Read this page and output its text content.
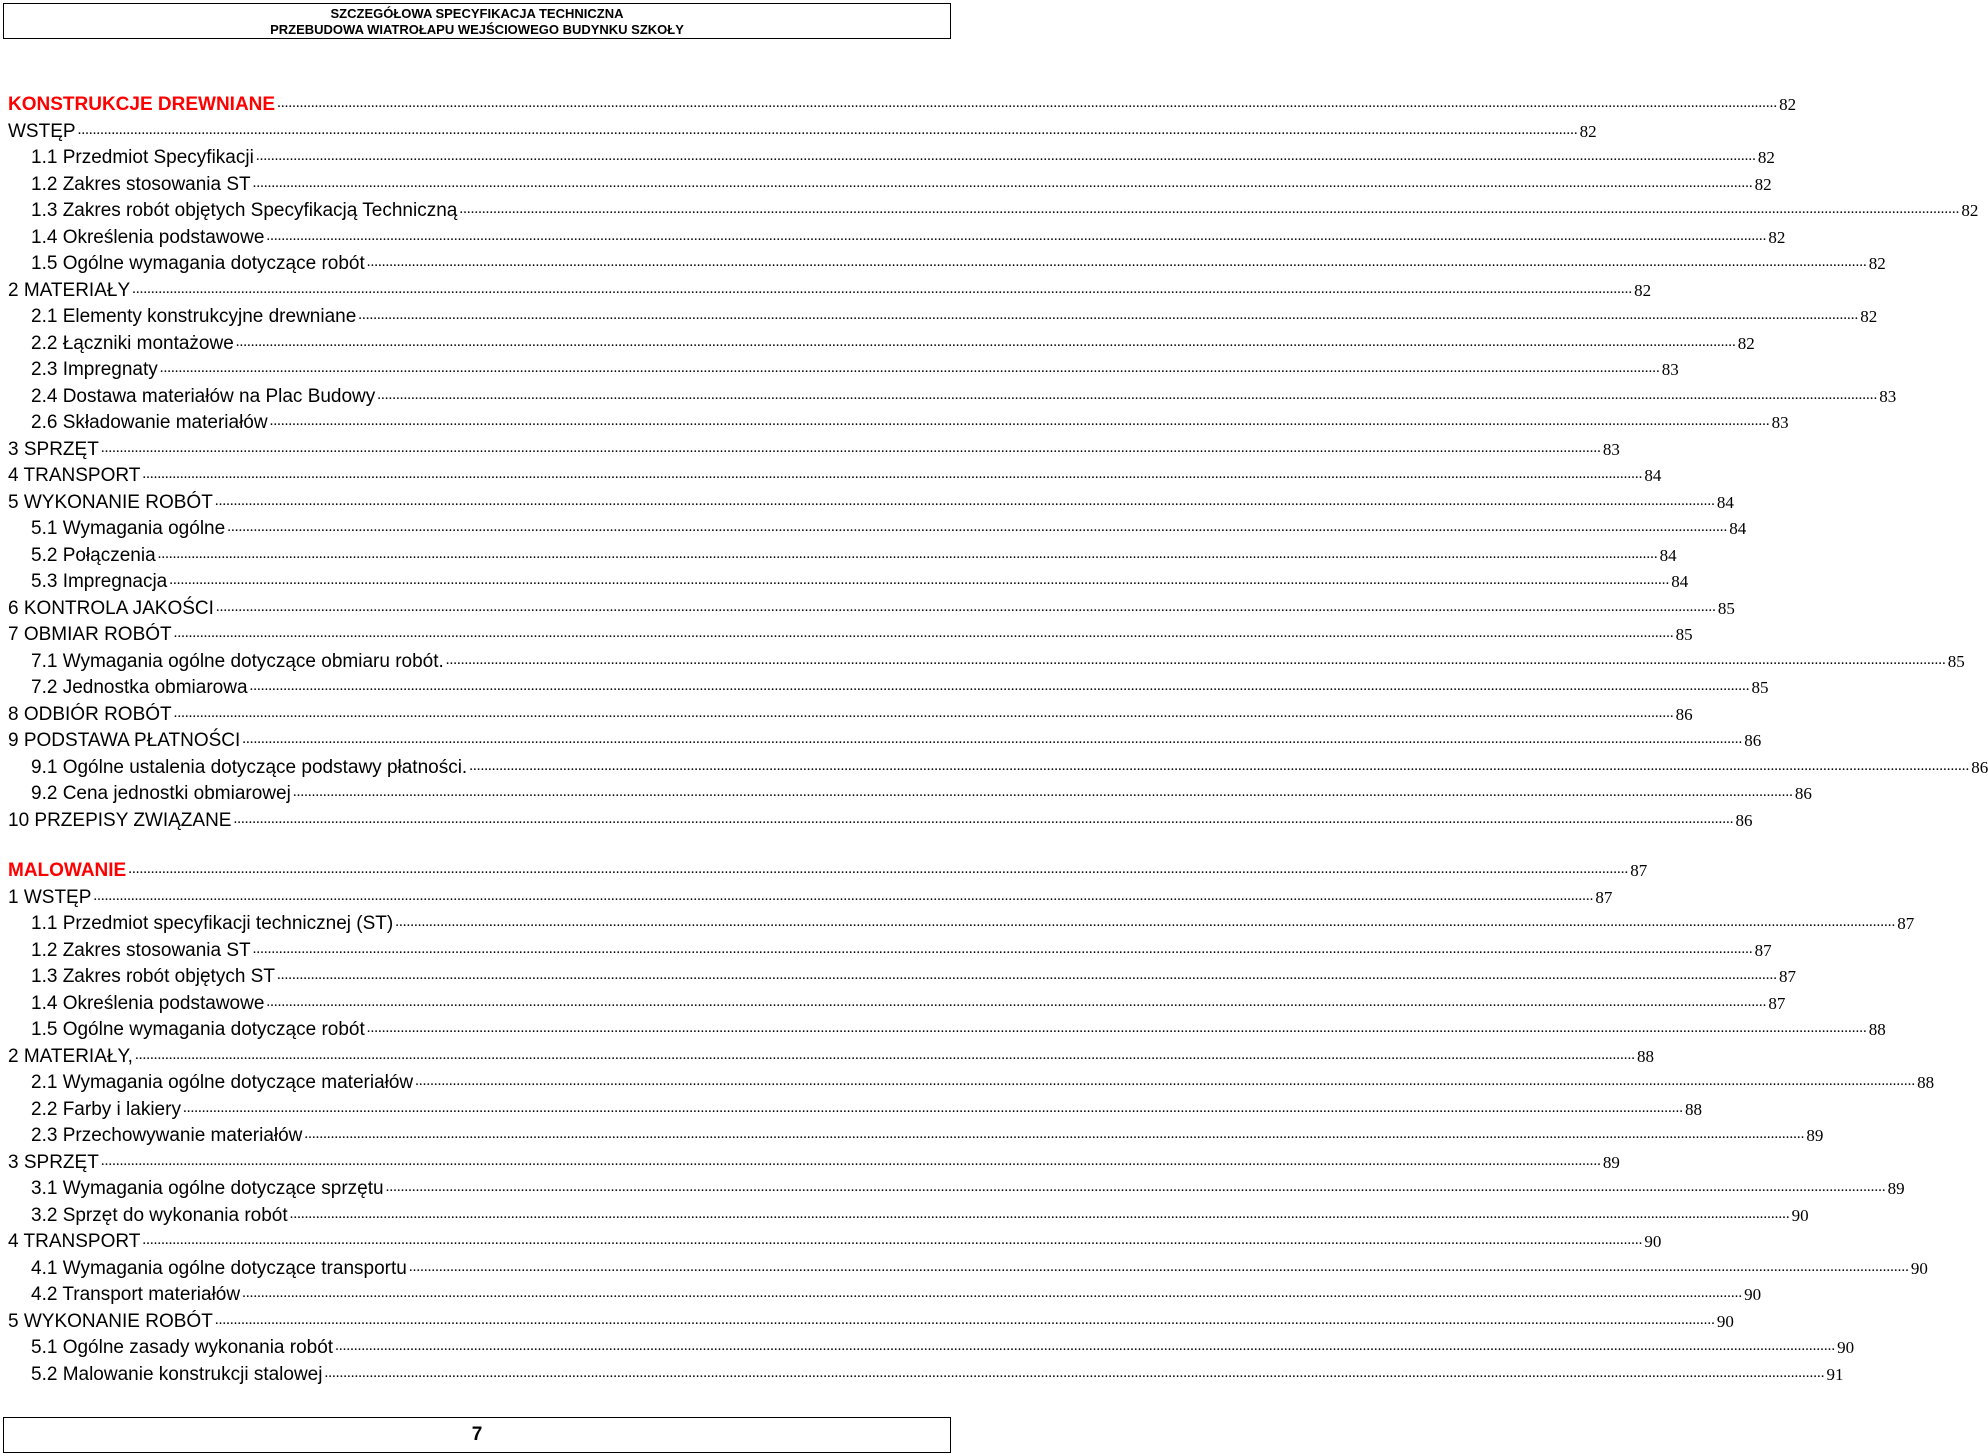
SZCZEGÓŁOWA SPECYFIKACJA TECHNICZNA
PRZEBUDOWA WIATROŁAPU WEJŚCIOWEGO BUDYNKU SZKOŁY
KONSTRUKCJE DREWNIANE ................................................................................................................................................................................................................................................................................................................................................................................................................ 82
WSTĘP ................................................................................................................................................................................................................................................................................................................................................................................................................ 82
1.1 Przedmiot Specyfikacji ................................................................................................................................................................................................................................................................................................................................................................................................................ 82
1.2 Zakres stosowania ST ................................................................................................................................................................................................................................................................................................................................................................................................................ 82
1.3 Zakres robót objętych Specyfikacją Techniczną ................................................................................................................................................................................................................................................................................................................................................................................................................ 82
1.4 Określenia podstawowe ................................................................................................................................................................................................................................................................................................................................................................................................................ 82
1.5 Ogólne wymagania dotyczące robót ................................................................................................................................................................................................................................................................................................................................................................................................................ 82
2 MATERIAŁY ................................................................................................................................................................................................................................................................................................................................................................................................................ 82
2.1 Elementy konstrukcyjne drewniane ................................................................................................................................................................................................................................................................................................................................................................................................................ 82
2.2 Łączniki montażowe ................................................................................................................................................................................................................................................................................................................................................................................................................ 82
2.3 Impregnaty ................................................................................................................................................................................................................................................................................................................................................................................................................ 83
2.4 Dostawa materiałów na Plac Budowy ................................................................................................................................................................................................................................................................................................................................................................................................................ 83
2.6 Składowanie materiałów ................................................................................................................................................................................................................................................................................................................................................................................................................ 83
3 SPRZĘT ................................................................................................................................................................................................................................................................................................................................................................................................................ 83
4 TRANSPORT ................................................................................................................................................................................................................................................................................................................................................................................................................ 84
5 WYKONANIE ROBÓT ................................................................................................................................................................................................................................................................................................................................................................................................................ 84
5.1 Wymagania ogólne ................................................................................................................................................................................................................................................................................................................................................................................................................ 84
5.2 Połączenia ................................................................................................................................................................................................................................................................................................................................................................................................................ 84
5.3 Impregnacja ................................................................................................................................................................................................................................................................................................................................................................................................................ 84
6 KONTROLA JAKOŚCI ................................................................................................................................................................................................................................................................................................................................................................................................................ 85
7 OBMIAR ROBÓT ................................................................................................................................................................................................................................................................................................................................................................................................................ 85
7.1 Wymagania ogólne dotyczące obmiaru robót. ................................................................................................................................................................................................................................................................................................................................................................................................................ 85
7.2 Jednostka obmiarowa ................................................................................................................................................................................................................................................................................................................................................................................................................ 85
8 ODBIÓR ROBÓT ................................................................................................................................................................................................................................................................................................................................................................................................................ 86
9 PODSTAWA PŁATNOŚCI ................................................................................................................................................................................................................................................................................................................................................................................................................ 86
9.1 Ogólne ustalenia dotyczące podstawy płatności. ................................................................................................................................................................................................................................................................................................................................................................................................................ 86
9.2 Cena jednostki obmiarowej ................................................................................................................................................................................................................................................................................................................................................................................................................ 86
10 PRZEPISY ZWIĄZANE ................................................................................................................................................................................................................................................................................................................................................................................................................ 86
MALOWANIE ................................................................................................................................................................................................................................................................................................................................................................................................................ 87
1 WSTĘP ................................................................................................................................................................................................................................................................................................................................................................................................................ 87
1.1 Przedmiot specyfikacji technicznej (ST) ................................................................................................................................................................................................................................................................................................................................................................................................................ 87
1.2 Zakres stosowania ST ................................................................................................................................................................................................................................................................................................................................................................................................................ 87
1.3 Zakres robót objętych ST ................................................................................................................................................................................................................................................................................................................................................................................................................ 87
1.4 Określenia podstawowe ................................................................................................................................................................................................................................................................................................................................................................................................................ 87
1.5 Ogólne wymagania dotyczące robót ................................................................................................................................................................................................................................................................................................................................................................................................................ 88
2 MATERIAŁY, ................................................................................................................................................................................................................................................................................................................................................................................................................ 88
2.1 Wymagania ogólne dotyczące materiałów ................................................................................................................................................................................................................................................................................................................................................................................................................ 88
2.2 Farby i lakiery ................................................................................................................................................................................................................................................................................................................................................................................................................ 88
2.3 Przechowywanie materiałów ................................................................................................................................................................................................................................................................................................................................................................................................................ 89
3 SPRZĘT ................................................................................................................................................................................................................................................................................................................................................................................................................ 89
3.1 Wymagania ogólne dotyczące sprzętu ................................................................................................................................................................................................................................................................................................................................................................................................................ 89
3.2 Sprzęt do wykonania robót ................................................................................................................................................................................................................................................................................................................................................................................................................ 90
4 TRANSPORT ................................................................................................................................................................................................................................................................................................................................................................................................................ 90
4.1 Wymagania ogólne dotyczące transportu ................................................................................................................................................................................................................................................................................................................................................................................................................ 90
4.2 Transport materiałów ................................................................................................................................................................................................................................................................................................................................................................................................................ 90
5 WYKONANIE ROBÓT ................................................................................................................................................................................................................................................................................................................................................................................................................ 90
5.1 Ogólne zasady wykonania robót ................................................................................................................................................................................................................................................................................................................................................................................................................ 90
5.2 Malowanie konstrukcji stalowej ................................................................................................................................................................................................................................................................................................................................................................................................................ 91
7
